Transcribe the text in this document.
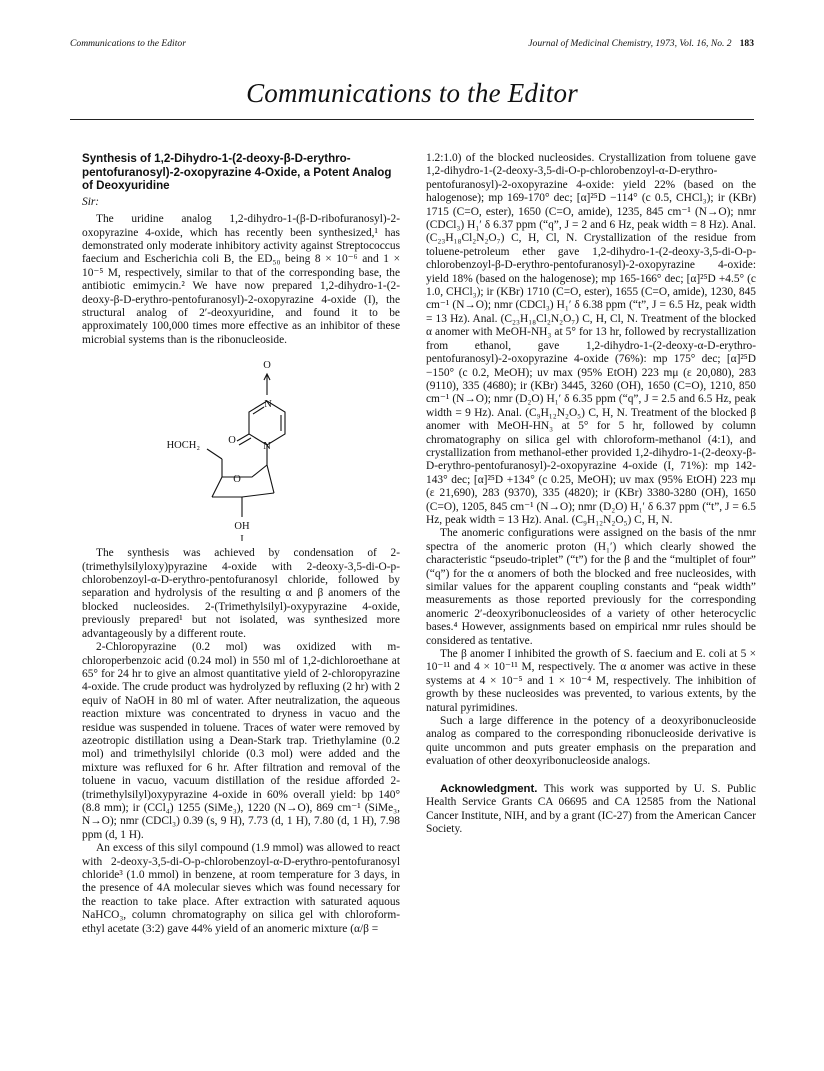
Communications to the Editor	Journal of Medicinal Chemistry, 1973, Vol. 16, No. 2 183
Communications to the Editor
Synthesis of 1,2-Dihydro-1-(2-deoxy-β-D-erythro-pentofuranosyl)-2-oxopyrazine 4-Oxide, a Potent Analog of Deoxyuridine
Sir:

The uridine analog 1,2-dihydro-1-(β-D-ribofuranosyl)-2-oxopyrazine 4-oxide, which has recently been synthesized,¹ has demonstrated only moderate inhibitory activity against Streptococcus faecium and Escherichia coli B, the ED₅₀ being 8 × 10⁻⁶ and 1 × 10⁻⁵ M, respectively, similar to that of the corresponding base, the antibiotic emimycin.² We have now prepared 1,2-dihydro-1-(2-deoxy-β-D-erythro-pentofuranosyl)-2-oxopyrazine 4-oxide (I), the structural analog of 2′-deoxyuridine, and found it to be approximately 100,000 times more effective as an inhibitor of these microbial systems than is the ribonucleoside.

O
N
N
O
HOCH₂
O
OH
I

The synthesis was achieved by condensation of 2-(trimethylsilyloxy)pyrazine 4-oxide with 2-deoxy-3,5-di-O-p-chlorobenzoyl-α-D-erythro-pentofuranosyl chloride, followed by separation and hydrolysis of the resulting α and β anomers of the blocked nucleosides. 2-(Trimethylsilyl)-oxypyrazine 4-oxide, previously prepared¹ but not isolated, was synthesized more advantageously by a different route.

2-Chloropyrazine (0.2 mol) was oxidized with m-chloroperbenzoic acid (0.24 mol) in 550 ml of 1,2-dichloroethane at 65° for 24 hr to give an almost quantitative yield of 2-chloropyrazine 4-oxide. The crude product was hydrolyzed by refluxing (2 hr) with 2 equiv of NaOH in 80 ml of water. After neutralization, the aqueous reaction mixture was concentrated to dryness in vacuo and the residue was suspended in toluene. Traces of water were removed by azeotropic distillation using a Dean-Stark trap. Triethylamine (0.2 mol) and trimethylsilyl chloride (0.3 mol) were added and the mixture was refluxed for 6 hr. After filtration and removal of the toluene in vacuo, vacuum distillation of the residue afforded 2-(trimethylsilyl)oxypyrazine 4-oxide in 60% overall yield: bp 140° (8.8 mm); ir (CCl₄) 1255 (SiMe₃), 1220 (N→O), 869 cm⁻¹ (SiMe₃, N→O); nmr (CDCl₃) 0.39 (s, 9 H), 7.73 (d, 1 H), 7.80 (d, 1 H), 7.98 ppm (d, 1 H).

An excess of this silyl compound (1.9 mmol) was allowed to react with 2-deoxy-3,5-di-O-p-chlorobenzoyl-α-D-erythro-pentofuranosyl chloride³ (1.0 mmol) in benzene, at room temperature for 3 days, in the presence of 4A molecular sieves which was found necessary for the reaction to take place. After extraction with saturated aquous NaHCO₃, column chromatography on silica gel with chloroform-ethyl acetate (3:2) gave 44% yield of an anomeric mixture (α/β =

1.2:1.0) of the blocked nucleosides. Crystallization from toluene gave 1,2-dihydro-1-(2-deoxy-3,5-di-O-p-chlorobenzoyl-α-D-erythro-pentofuranosyl)-2-oxopyrazine 4-oxide: yield 22% (based on the halogenose); mp 169-170° dec; [α]²⁵D −114° (c 0.5, CHCl₃); ir (KBr) 1715 (C=O, ester), 1650 (C=O, amide), 1235, 845 cm⁻¹ (N→O); nmr (CDCl₃) H₁′ δ 6.37 ppm (“q”, J = 2 and 6 Hz, peak width = 8 Hz). Anal. (C₂₃H₁₈Cl₂N₂O₇) C, H, Cl, N. Crystallization of the residue from toluene-petroleum ether gave 1,2-dihydro-1-(2-deoxy-3,5-di-O-p-chlorobenzoyl-β-D-erythro-pentofuranosyl)-2-oxopyrazine 4-oxide: yield 18% (based on the halogenose); mp 165-166° dec; [α]²⁵D +4.5° (c 1.0, CHCl₃); ir (KBr) 1710 (C=O, ester), 1655 (C=O, amide), 1230, 845 cm⁻¹ (N→O); nmr (CDCl₃) H₁′ δ 6.38 ppm (“t”, J = 6.5 Hz, peak width = 13 Hz). Anal. (C₂₃H₁₈Cl₂N₂O₇) C, H, Cl, N. Treatment of the blocked α anomer with MeOH-NH₃ at 5° for 13 hr, followed by recrystallization from ethanol, gave 1,2-dihydro-1-(2-deoxy-α-D-erythro-pentofuranosyl)-2-oxopyrazine 4-oxide (76%): mp 175° dec; [α]²⁵D −150° (c 0.2, MeOH); uv max (95% EtOH) 223 mμ (ε 20,080), 283 (9110), 335 (4680); ir (KBr) 3445, 3260 (OH), 1650 (C=O), 1210, 850 cm⁻¹ (N→O); nmr (D₂O) H₁′ δ 6.35 ppm (“q”, J = 2.5 and 6.5 Hz, peak width = 9 Hz). Anal. (C₉H₁₂N₂O₅) C, H, N. Treatment of the blocked β anomer with MeOH-HN₃ at 5° for 5 hr, followed by column chromatography on silica gel with chloroform-methanol (4:1), and crystallization from methanol-ether provided 1,2-dihydro-1-(2-deoxy-β-D-erythro-pentofuranosyl)-2-oxopyrazine 4-oxide (I, 71%): mp 142-143° dec; [α]²⁵D +134° (c 0.25, MeOH); uv max (95% EtOH) 223 mμ (ε 21,690), 283 (9370), 335 (4820); ir (KBr) 3380-3280 (OH), 1650 (C=O), 1205, 845 cm⁻¹ (N→O); nmr (D₂O) H₁′ δ 6.37 ppm (“t”, J = 6.5 Hz, peak width = 13 Hz). Anal. (C₉H₁₂N₂O₅) C, H, N.

The anomeric configurations were assigned on the basis of the nmr spectra of the anomeric proton (H₁′) which clearly showed the characteristic “pseudo-triplet” (“t”) for the β and the “multiplet of four” (“q”) for the α anomers of both the blocked and free nucleosides, with similar values for the apparent coupling constants and “peak width” measurements as those reported previously for the corresponding anomeric 2′-deoxyribonucleosides of a variety of other heterocyclic bases.⁴ However, assignments based on empirical nmr rules should be considered as tentative.

The β anomer I inhibited the growth of S. faecium and E. coli at 5 × 10⁻¹¹ and 4 × 10⁻¹¹ M, respectively. The α anomer was active in these systems at 4 × 10⁻⁵ and 1 × 10⁻⁴ M, respectively. The inhibition of growth by these nucleosides was prevented, to various extents, by the natural pyrimidines.

Such a large difference in the potency of a deoxyribonucleoside analog as compared to the corresponding ribonucleoside derivative is quite uncommon and puts greater emphasis on the preparation and evaluation of other deoxyribonucleoside analogs.

Acknowledgment. This work was supported by U. S. Public Health Service Grants CA 06695 and CA 12585 from the National Cancer Institute, NIH, and by a grant (IC-27) from the American Cancer Society.
